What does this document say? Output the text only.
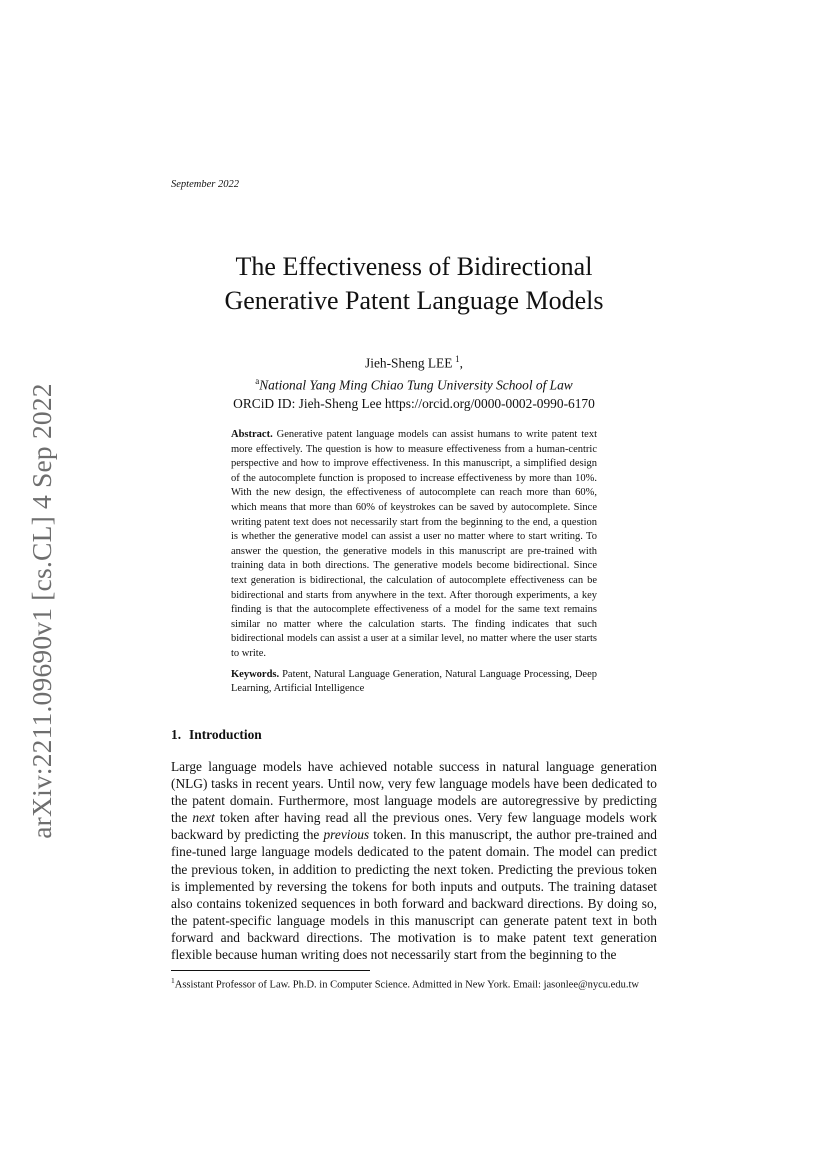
arXiv:2211.09690v1 [cs.CL] 4 Sep 2022
September 2022
The Effectiveness of Bidirectional
Generative Patent Language Models
Jieh-Sheng LEE  $^1$,
$^a$National Yang Ming Chiao Tung University School of Law
ORCiD ID: Jieh-Sheng Lee https://orcid.org/0000-0002-0990-6170

Abstract. Generative patent language models can assist humans to write patent text more effectively. The question is how to measure effectiveness from a human-centric perspective and how to improve effectiveness. In this manuscript, a simplified design of the autocomplete function is proposed to increase effectiveness by more than 10%. With the new design, the effectiveness of autocomplete can reach more than 60%, which means that more than 60% of keystrokes can be saved by autocomplete. Since writing patent text does not necessarily start from the beginning to the end, a question is whether the generative model can assist a user no matter where to start writing. To answer the question, the generative models in this manuscript are pre-trained with training data in both directions. The generative models become bidirectional. Since text generation is bidirectional, the calculation of autocomplete effectiveness can be bidirectional and starts from anywhere in the text. After thorough experiments, a key finding is that the autocomplete effectiveness of a model for the same text remains similar no matter where the calculation starts. The finding indicates that such bidirectional models can assist a user at a similar level, no matter where the user starts to write.

Keywords. Patent, Natural Language Generation, Natural Language Processing, Deep Learning, Artificial Intelligence

1. Introduction

Large language models have achieved notable success in natural language generation (NLG) tasks in recent years. Until now, very few language models have been dedicated to the patent domain. Furthermore, most language models are autoregressive by predicting the next token after having read all the previous ones. Very few language models work backward by predicting the previous token. In this manuscript, the author pre-trained and fine-tuned large language models dedicated to the patent domain. The model can predict the previous token, in addition to predicting the next token. Predicting the previous token is implemented by reversing the tokens for both inputs and outputs. The training dataset also contains tokenized sequences in both forward and backward directions. By doing so, the patent-specific language models in this manuscript can generate patent text in both forward and backward directions. The motivation is to make patent text generation flexible because human writing does not necessarily start from the beginning to the

$^1$Assistant Professor of Law. Ph.D. in Computer Science. Admitted in New York. Email: jasonlee@nycu.edu.tw
